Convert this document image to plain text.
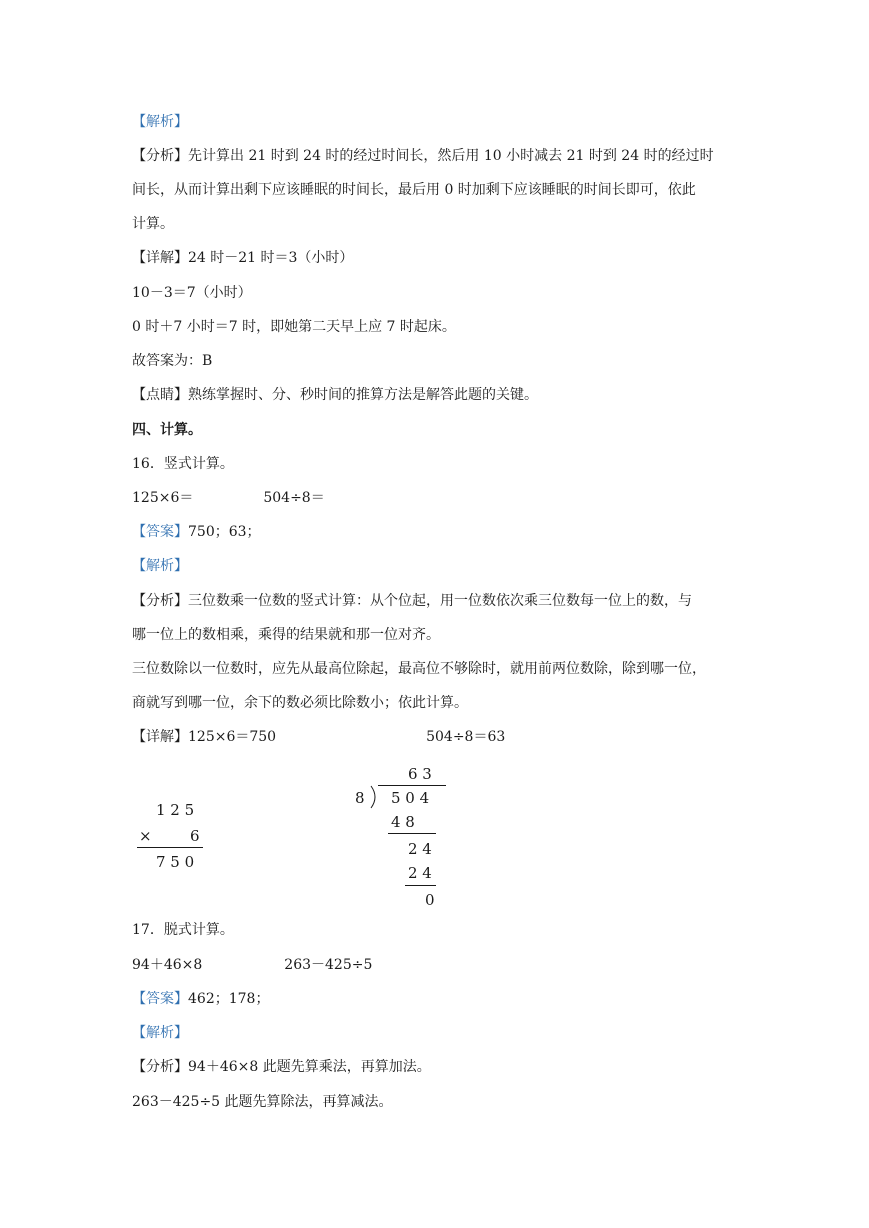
【解析】
【分析】先计算出 21 时到 24 时的经过时间长，然后用 10 小时减去 21 时到 24 时的经过时
间长，从而计算出剩下应该睡眠的时间长，最后用 0 时加剩下应该睡眠的时间长即可，依此
计算。
【详解】24 时－21 时＝3（小时）
10－3＝7（小时）
0 时＋7 小时＝7 时，即她第二天早上应 7 时起床。
故答案为：B
【点睛】熟练掌握时、分、秒时间的推算方法是解答此题的关键。
四、计算。
16．竖式计算。
125×6＝	504÷8＝
【答案】750；63；
【解析】
【分析】三位数乘一位数的竖式计算：从个位起，用一位数依次乘三位数每一位上的数，与
哪一位上的数相乘，乘得的结果就和那一位对齐。
三位数除以一位数时，应先从最高位除起，最高位不够除时，就用前两位数除，除到哪一位，
商就写到哪一位，余下的数必须比除数小；依此计算。
【详解】125×6＝750	504÷8＝63
1 2 5
×	6
7 5 0
6 3
8 5 0 4
4 8
2 4
2 4
0
17．脱式计算。
94＋46×8	263－425÷5
【答案】462；178；
【解析】
【分析】94＋46×8 此题先算乘法，再算加法。
263－425÷5 此题先算除法，再算减法。
